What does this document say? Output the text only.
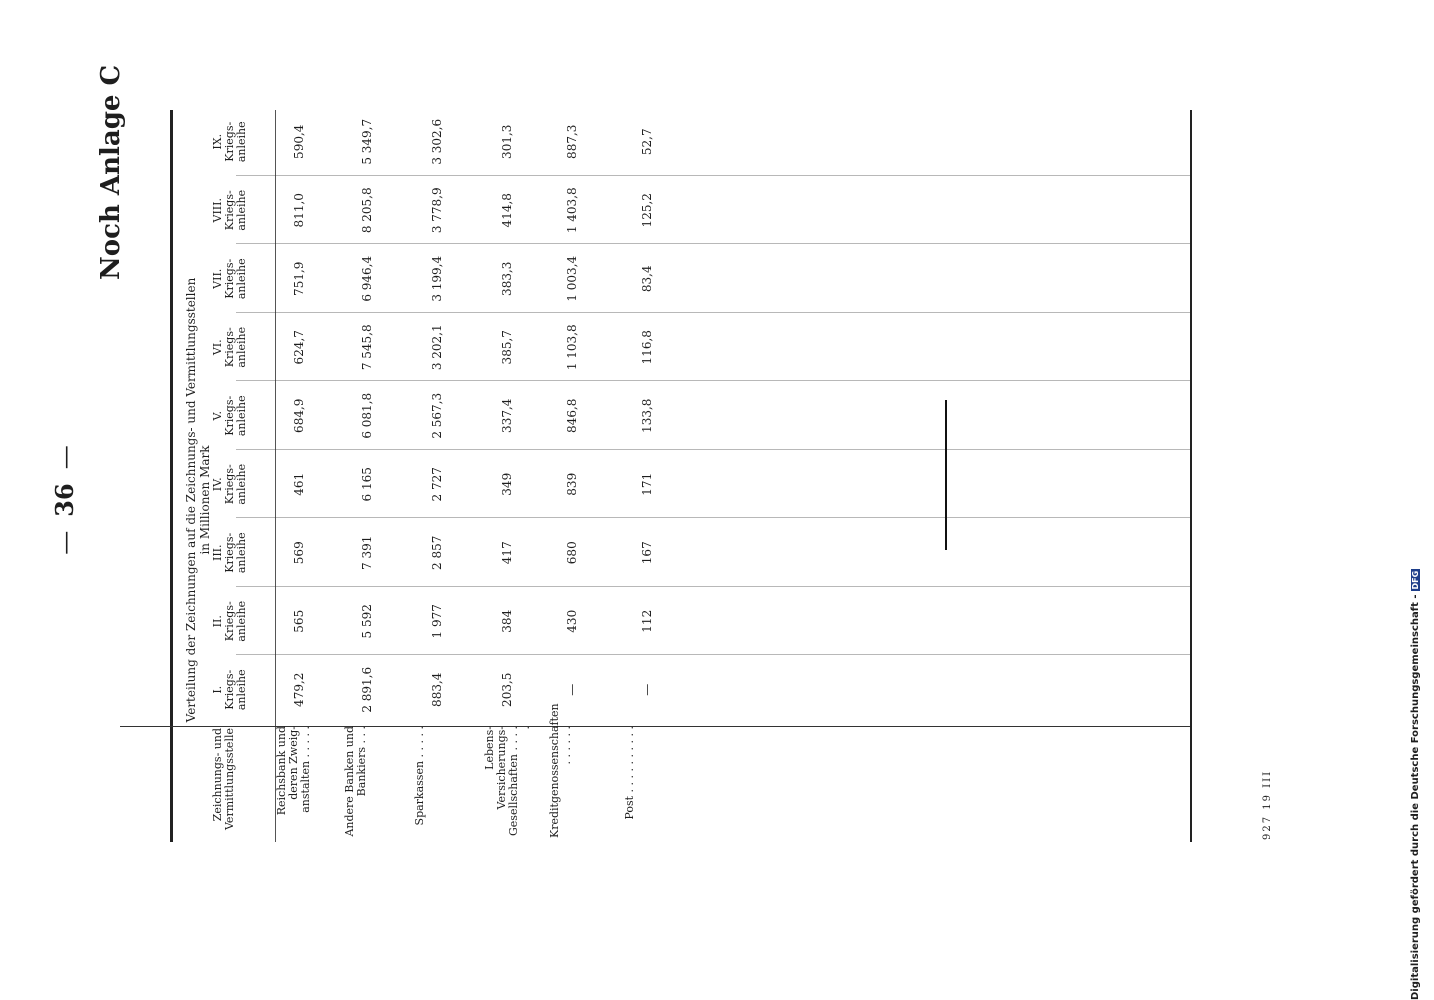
—36—
Noch Anlage C
Verteilung der Zeichnungen auf die Zeichnungs- und Vermittlungsstellen in Millionen Mark
Zeichnungs- und Vermittlungsstelle
I. Kriegs-anleihe
II. Kriegs-anleihe
III. Kriegs-anleihe
IV. Kriegs-anleihe
V. Kriegs-anleihe
VI. Kriegs-anleihe
VII. Kriegs-anleihe
VIII. Kriegs-anleihe
IX. Kriegs-anleihe
Reichsbank und deren Zweig-anstalten . . . . .
479,2
565
569
461
684,9
624,7
751,9
811,0
590,4
Andere Banken und Bankiers . . .
2 891,6
5 592
7 391
6 165
6 081,8
7 545,8
6 946,4
8 205,8
5 349,7
Sparkassen . . . . .
883,4
1 977
2 857
2 727
2 567,3
3 202,1
3 199,4
3 778,9
3 302,6
Lebens-Versicherungs-Gesellschaften . . . . .
203,5
384
417
349
337,4
385,7
383,3
414,8
301,3
Kreditgenossenschaften . . . . . .
—
430
680
839
846,8
1 103,8
1 003,4
1 403,8
887,3
Post . . . . . . . . . .
—
112
167
171
133,8
116,8
83,4
125,2
52,7
927 19 III	Digitalisierung gefördert durch die Deutsche Forschungsgemeinschaft -DFG
